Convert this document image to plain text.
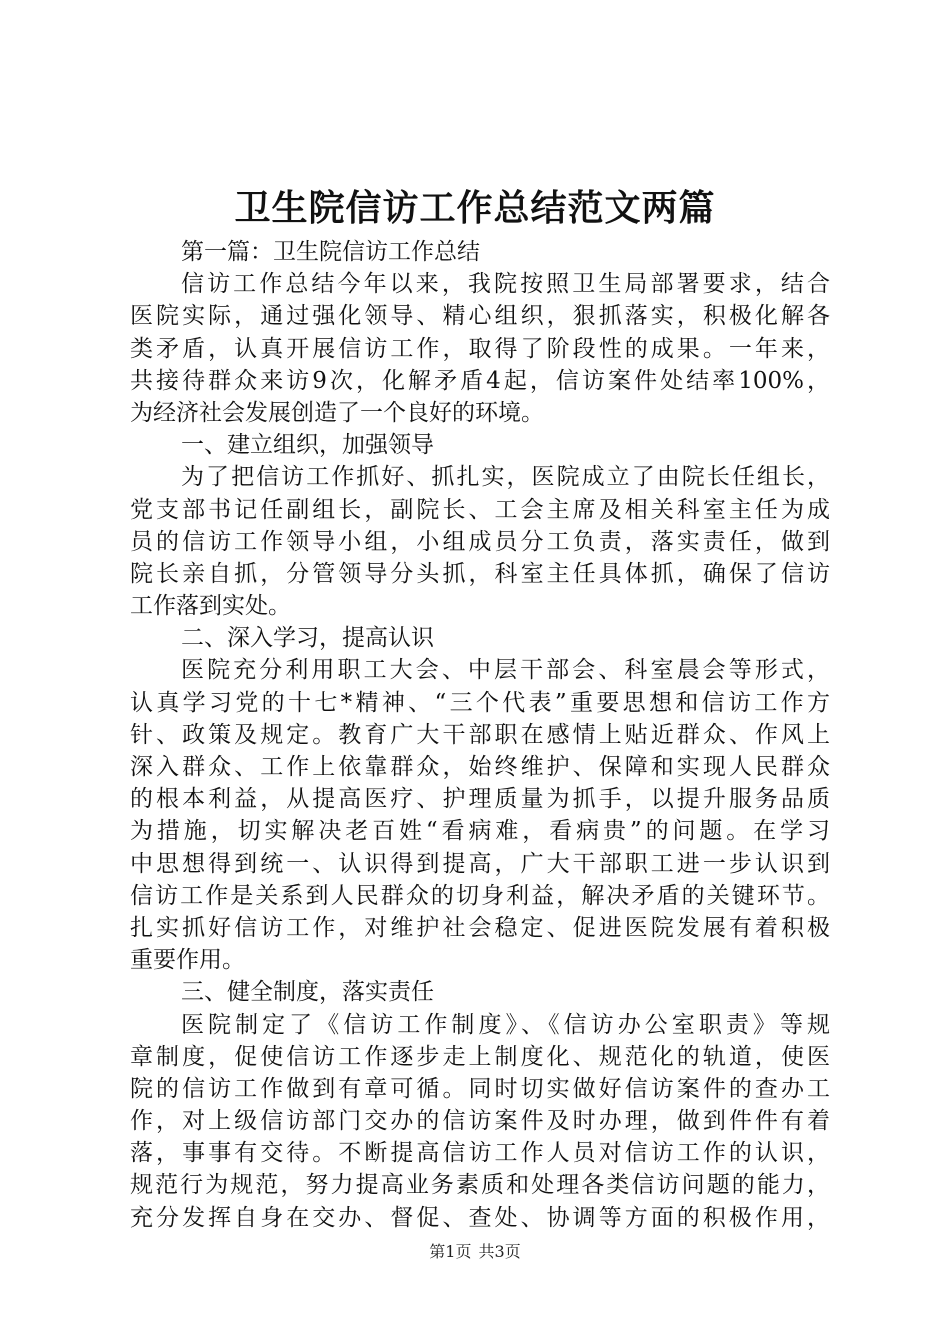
卫生院信访工作总结范文两篇
第一篇：卫生院信访工作总结
信访工作总结今年以来，我院按照卫生局部署要求，结合
医院实际，通过强化领导、精心组织，狠抓落实，积极化解各
类矛盾，认真开展信访工作，取得了阶段性的成果。一年来，
共接待群众来访9次，化解矛盾4起，信访案件处结率100%，
为经济社会发展创造了一个良好的环境。
一、建立组织，加强领导
为了把信访工作抓好、抓扎实，医院成立了由院长任组长，
党支部书记任副组长，副院长、工会主席及相关科室主任为成
员的信访工作领导小组，小组成员分工负责，落实责任，做到
院长亲自抓，分管领导分头抓，科室主任具体抓，确保了信访
工作落到实处。
二、深入学习，提高认识
医院充分利用职工大会、中层干部会、科室晨会等形式，
认真学习党的十七*精神、“三个代表”重要思想和信访工作方
针、政策及规定。教育广大干部职在感情上贴近群众、作风上
深入群众、工作上依靠群众，始终维护、保障和实现人民群众
的根本利益，从提高医疗、护理质量为抓手，以提升服务品质
为措施，切实解决老百姓“看病难，看病贵”的问题。在学习
中思想得到统一、认识得到提高，广大干部职工进一步认识到
信访工作是关系到人民群众的切身利益，解决矛盾的关键环节。
扎实抓好信访工作，对维护社会稳定、促进医院发展有着积极
重要作用。
三、健全制度，落实责任
医院制定了《信访工作制度》、《信访办公室职责》等规
章制度，促使信访工作逐步走上制度化、规范化的轨道，使医
院的信访工作做到有章可循。同时切实做好信访案件的查办工
作，对上级信访部门交办的信访案件及时办理，做到件件有着
落，事事有交待。不断提高信访工作人员对信访工作的认识，
规范行为规范，努力提高业务素质和处理各类信访问题的能力，
充分发挥自身在交办、督促、查处、协调等方面的积极作用，
第1页 共3页
